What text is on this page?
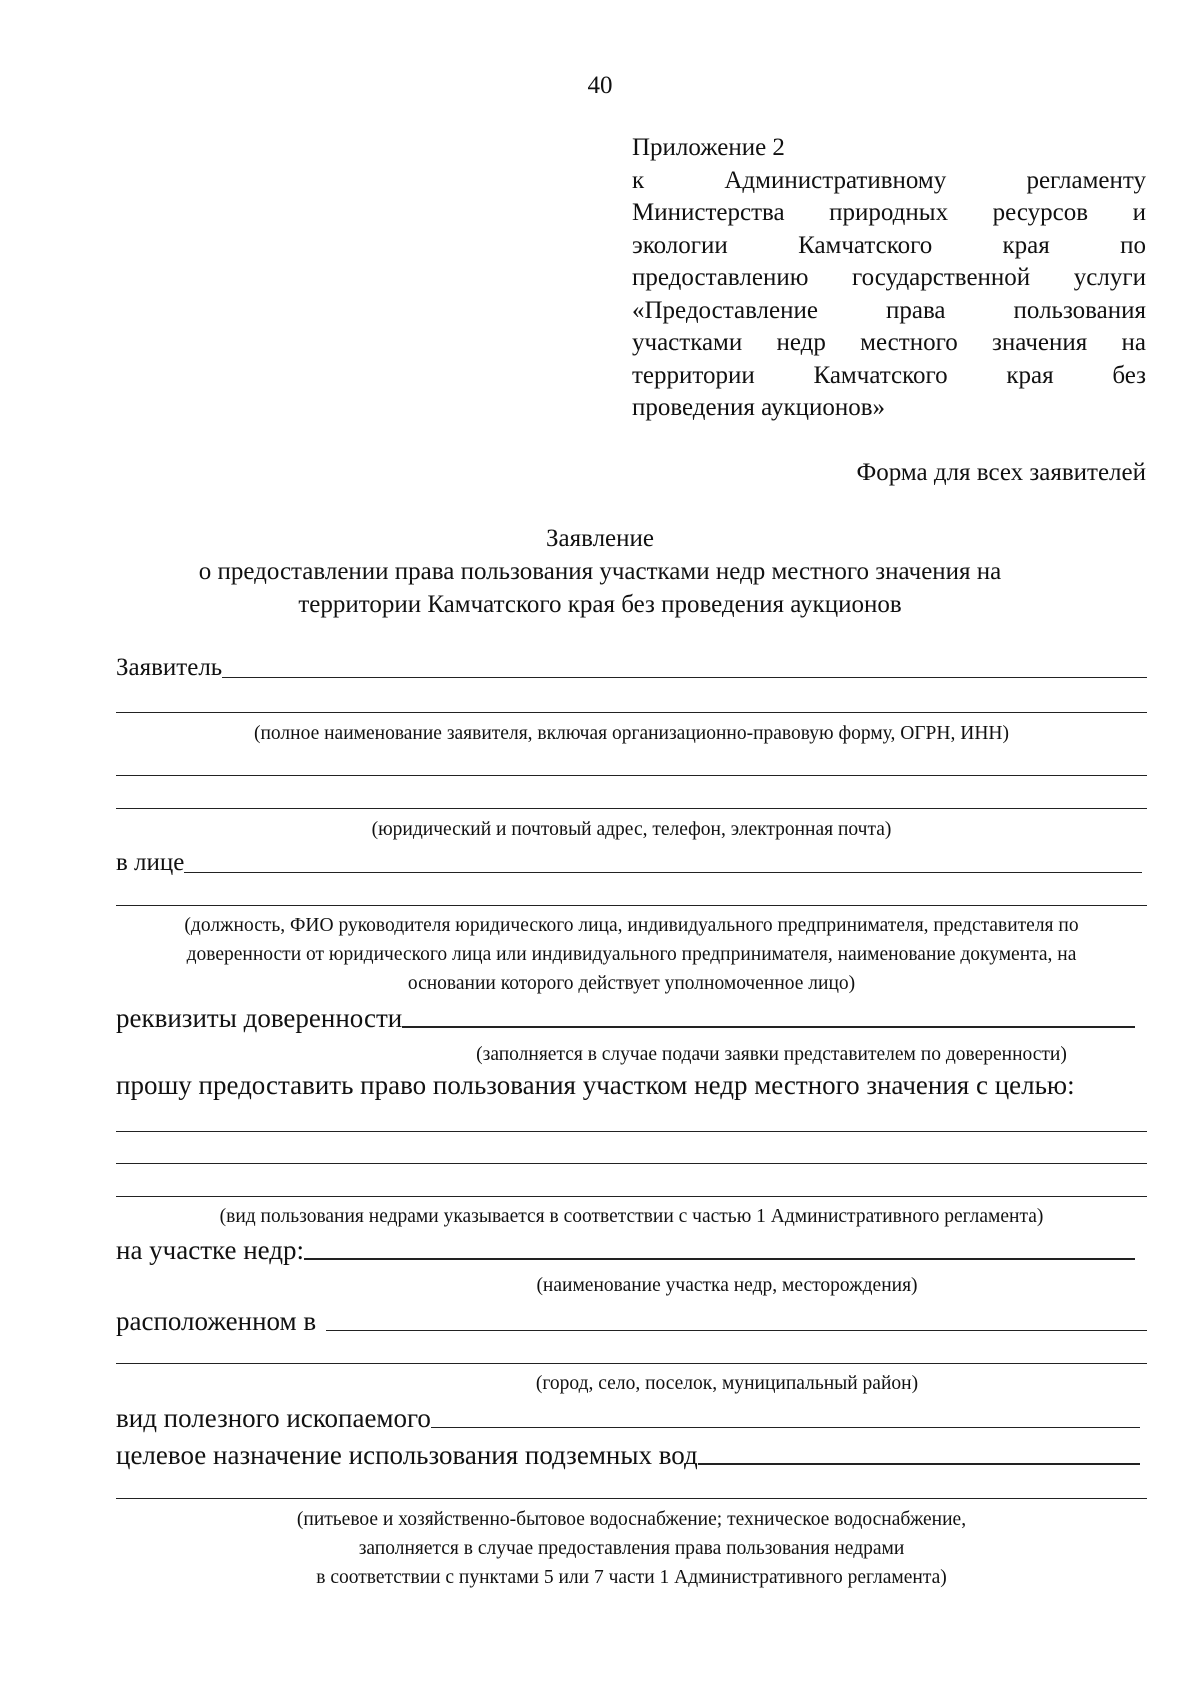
40
Приложение 2
к Административному регламенту
Министерства природных ресурсов и
экологии Камчатского края по
предоставлению государственной услуги
«Предоставление права пользования
участками недр местного значения на
территории Камчатского края без
проведения аукционов»
Форма для всех заявителей
Заявление
о предоставлении права пользования участками недр местного значения на
территории Камчатского края без проведения аукционов
Заявитель
(полное наименование заявителя, включая организационно-правовую форму, ОГРН, ИНН)
(юридический и почтовый адрес, телефон, электронная почта)
в лице
(должность, ФИО руководителя юридического лица, индивидуального предпринимателя, представителя по
доверенности от юридического лица или индивидуального предпринимателя, наименование документа, на
основании которого действует уполномоченное лицо)
реквизиты доверенности
(заполняется в случае подачи заявки представителем по доверенности)
прошу предоставить право пользования участком недр местного значения с целью:
(вид пользования недрами указывается в соответствии с частью 1 Административного регламента)
на участке недр:
(наименование участка недр, месторождения)
расположенном в
(город, село, поселок, муниципальный район)
вид полезного ископаемого
целевое назначение использования подземных вод
(питьевое и хозяйственно-бытовое водоснабжение; техническое водоснабжение,
заполняется в случае предоставления права пользования недрами
в соответствии с пунктами 5 или 7 части 1 Административного регламента)
